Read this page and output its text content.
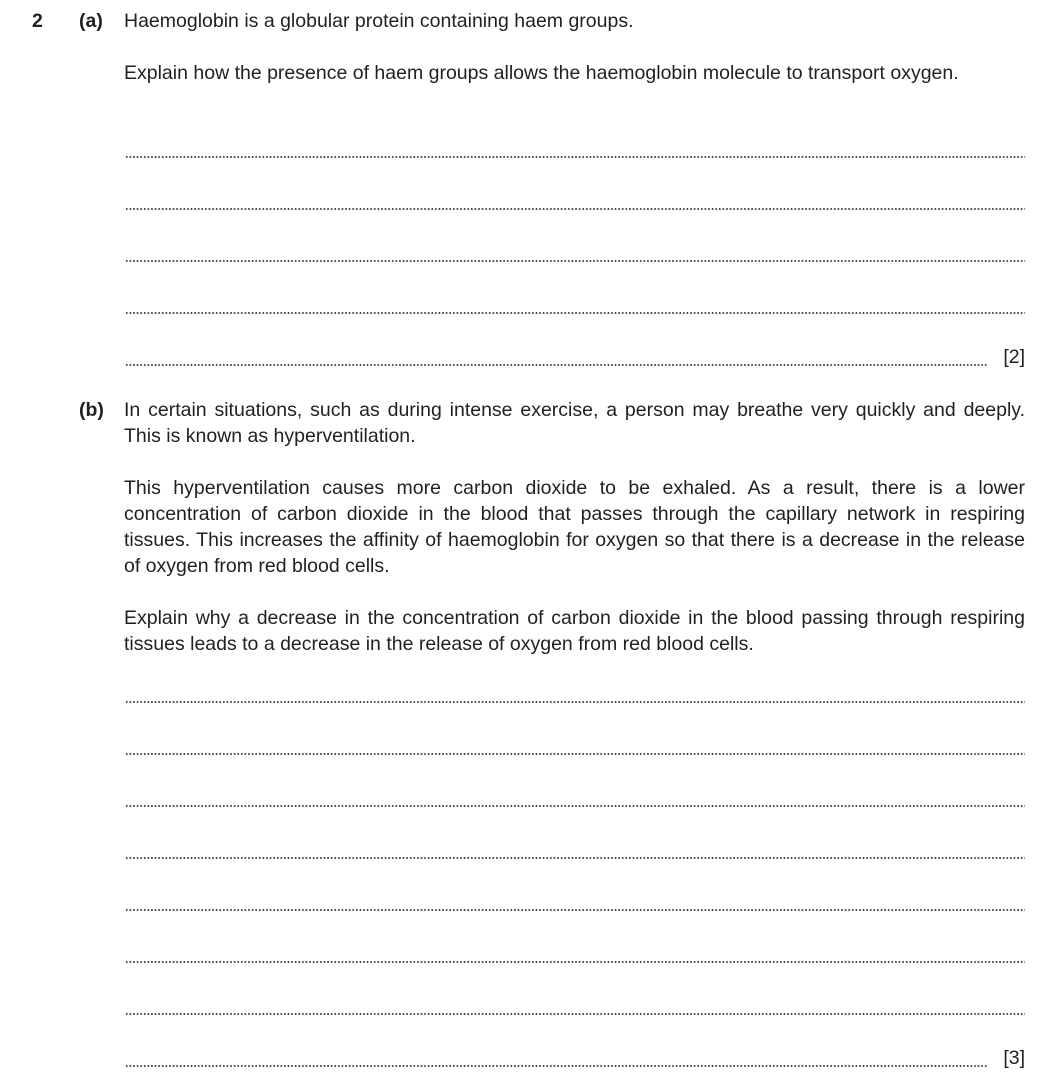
2 (a) Haemoglobin is a globular protein containing haem groups.

Explain how the presence of haem groups allows the haemoglobin molecule to transport oxygen.

[2]
(b) In certain situations, such as during intense exercise, a person may breathe very quickly and deeply. This is known as hyperventilation.

This hyperventilation causes more carbon dioxide to be exhaled. As a result, there is a lower concentration of carbon dioxide in the blood that passes through the capillary network in respiring tissues. This increases the affinity of haemoglobin for oxygen so that there is a decrease in the release of oxygen from red blood cells.

Explain why a decrease in the concentration of carbon dioxide in the blood passing through respiring tissues leads to a decrease in the release of oxygen from red blood cells.

[3]
